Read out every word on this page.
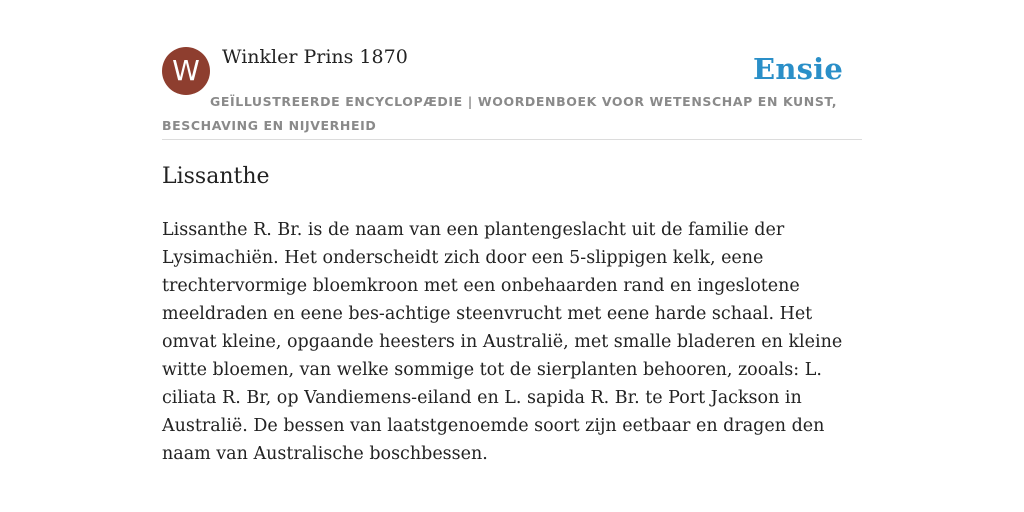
W Winkler Prins 1870	Ensie
GEÏLLUSTREERDE ENCYCLOPÆDIE | WOORDENBOEK VOOR WETENSCHAP EN KUNST, BESCHAVING EN NIJVERHEID
Lissanthe

Lissanthe R. Br. is de naam van een plantengeslacht uit de familie der Lysimachiën. Het onderscheidt zich door een 5-slippigen kelk, eene trechtervormige bloemkroon met een onbehaarden rand en ingeslotene meeldraden en eene bes-achtige steenvrucht met eene harde schaal. Het omvat kleine, opgaande heesters in Australië, met smalle bladeren en kleine witte bloemen, van welke sommige tot de sierplanten behooren, zooals: L. ciliata R. Br, op Vandiemens-eiland en L. sapida R. Br. te Port Jackson in Australië. De bessen van laatstgenoemde soort zijn eetbaar en dragen den naam van Australische boschbessen.
